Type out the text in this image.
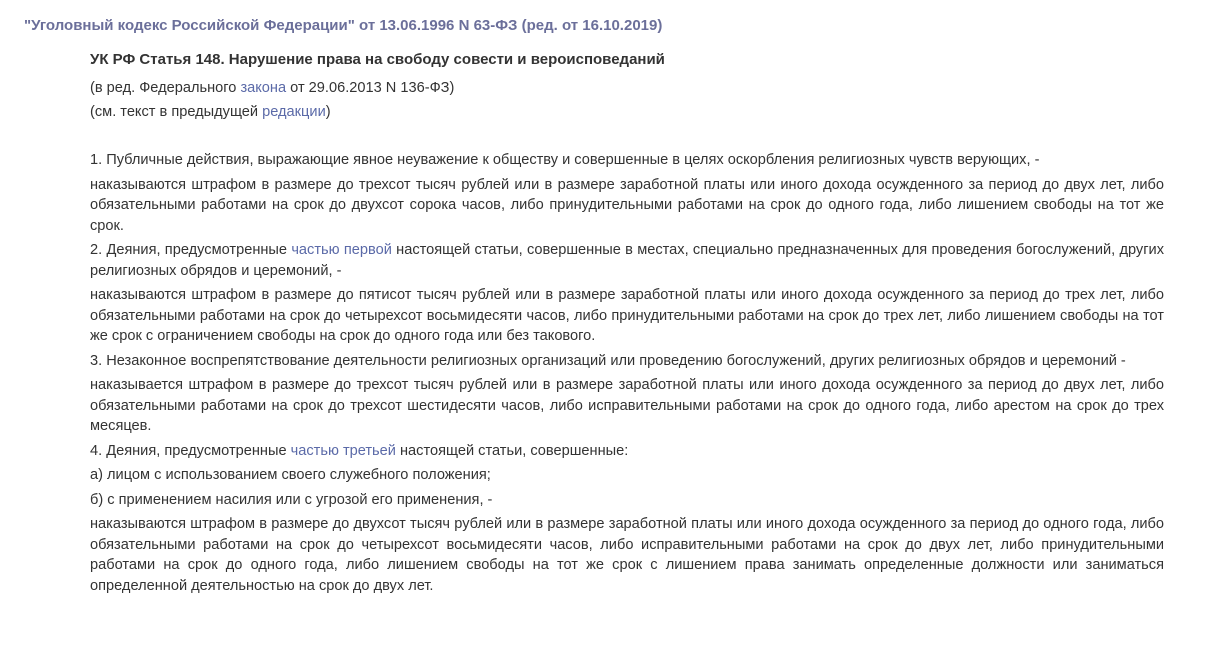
"Уголовный кодекс Российской Федерации" от 13.06.1996 N 63-ФЗ (ред. от 16.10.2019)
УК РФ Статья 148. Нарушение права на свободу совести и вероисповеданий

(в ред. Федерального закона от 29.06.2013 N 136-ФЗ)

(см. текст в предыдущей редакции)

1. Публичные действия, выражающие явное неуважение к обществу и совершенные в целях оскорбления религиозных чувств верующих, -

наказываются штрафом в размере до трехсот тысяч рублей или в размере заработной платы или иного дохода осужденного за период до двух лет, либо обязательными работами на срок до двухсот сорока часов, либо принудительными работами на срок до одного года, либо лишением свободы на тот же срок.

2. Деяния, предусмотренные частью первой настоящей статьи, совершенные в местах, специально предназначенных для проведения богослужений, других религиозных обрядов и церемоний, -

наказываются штрафом в размере до пятисот тысяч рублей или в размере заработной платы или иного дохода осужденного за период до трех лет, либо обязательными работами на срок до четырехсот восьмидесяти часов, либо принудительными работами на срок до трех лет, либо лишением свободы на тот же срок с ограничением свободы на срок до одного года или без такового.

3. Незаконное воспрепятствование деятельности религиозных организаций или проведению богослужений, других религиозных обрядов и церемоний -

наказывается штрафом в размере до трехсот тысяч рублей или в размере заработной платы или иного дохода осужденного за период до двух лет, либо обязательными работами на срок до трехсот шестидесяти часов, либо исправительными работами на срок до одного года, либо арестом на срок до трех месяцев.

4. Деяния, предусмотренные частью третьей настоящей статьи, совершенные:

а) лицом с использованием своего служебного положения;

б) с применением насилия или с угрозой его применения, -

наказываются штрафом в размере до двухсот тысяч рублей или в размере заработной платы или иного дохода осужденного за период до одного года, либо обязательными работами на срок до четырехсот восьмидесяти часов, либо исправительными работами на срок до двух лет, либо принудительными работами на срок до одного года, либо лишением свободы на тот же срок с лишением права занимать определенные должности или заниматься определенной деятельностью на срок до двух лет.
